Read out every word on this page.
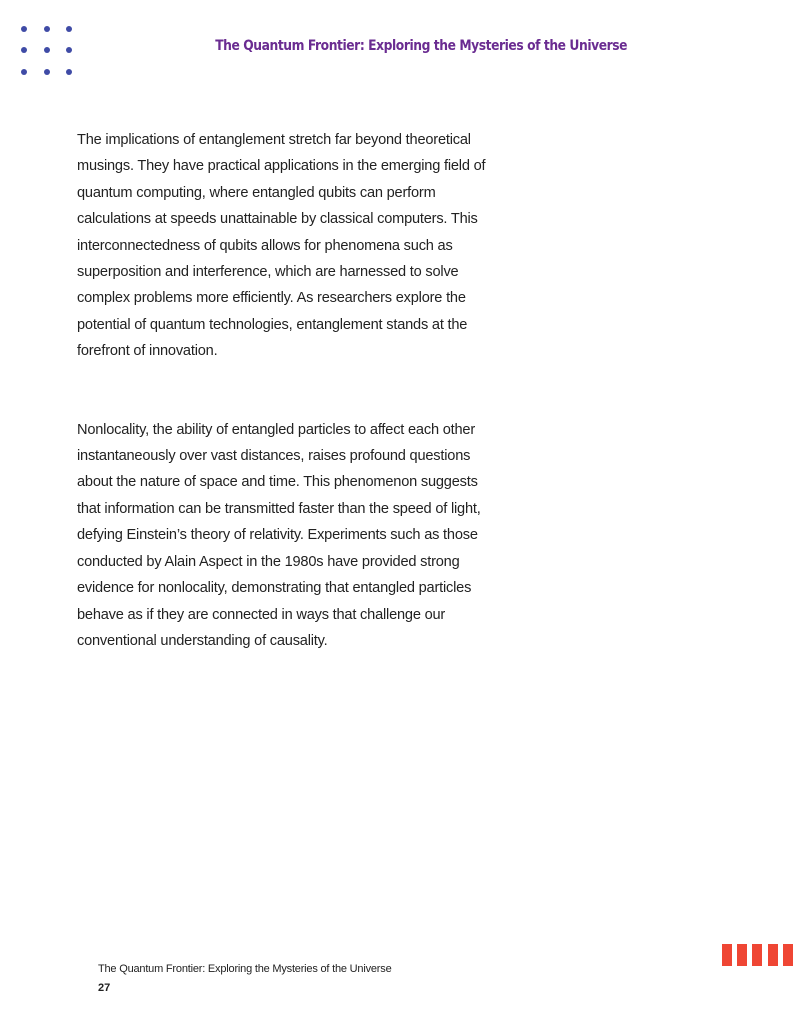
The Quantum Frontier: Exploring the Mysteries of the Universe

The implications of entanglement stretch far beyond theoretical musings. They have practical applications in the emerging field of quantum computing, where entangled qubits can perform calculations at speeds unattainable by classical computers. This interconnectedness of qubits allows for phenomena such as superposition and interference, which are harnessed to solve complex problems more efficiently. As researchers explore the potential of quantum technologies, entanglement stands at the forefront of innovation.

Nonlocality, the ability of entangled particles to affect each other instantaneously over vast distances, raises profound questions about the nature of space and time. This phenomenon suggests that information can be transmitted faster than the speed of light, defying Einstein’s theory of relativity. Experiments such as those conducted by Alain Aspect in the 1980s have provided strong evidence for nonlocality, demonstrating that entangled particles behave as if they are connected in ways that challenge our conventional understanding of causality.

The Quantum Frontier: Exploring the Mysteries of the Universe
27
